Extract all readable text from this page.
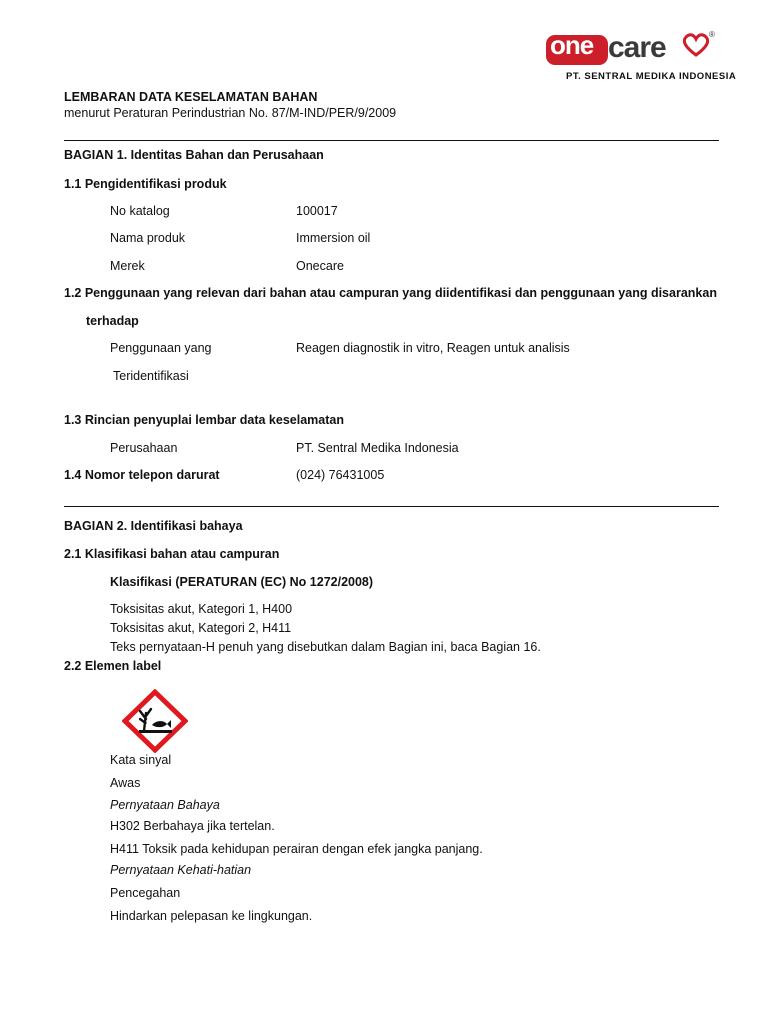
one care	®
PT. SENTRAL MEDIKA INDONESIA
LEMBARAN DATA KESELAMATAN BAHAN
menurut Peraturan Perindustrian No. 87/M-IND/PER/9/2009
BAGIAN 1. Identitas Bahan dan Perusahaan
1.1 Pengidentifikasi produk
No katalog	100017
Nama produk	Immersion oil
Merek	Onecare
1.2 Penggunaan yang relevan dari bahan atau campuran yang diidentifikasi dan penggunaan yang disarankan
terhadap
Penggunaan yang	Reagen diagnostik in vitro, Reagen untuk analisis
Teridentifikasi
1.3 Rincian penyuplai lembar data keselamatan
Perusahaan	PT. Sentral Medika Indonesia
1.4 Nomor telepon darurat	(024) 76431005
BAGIAN 2. Identifikasi bahaya
2.1 Klasifikasi bahan atau campuran
Klasifikasi (PERATURAN (EC) No 1272/2008)
Toksisitas akut, Kategori 1, H400
Toksisitas akut, Kategori 2, H411
Teks pernyataan-H penuh yang disebutkan dalam Bagian ini, baca Bagian 16.
2.2 Elemen label
Kata sinyal
Awas
Pernyataan Bahaya
H302 Berbahaya jika tertelan.
H411 Toksik pada kehidupan perairan dengan efek jangka panjang.
Pernyataan Kehati-hatian
Pencegahan
Hindarkan pelepasan ke lingkungan.
